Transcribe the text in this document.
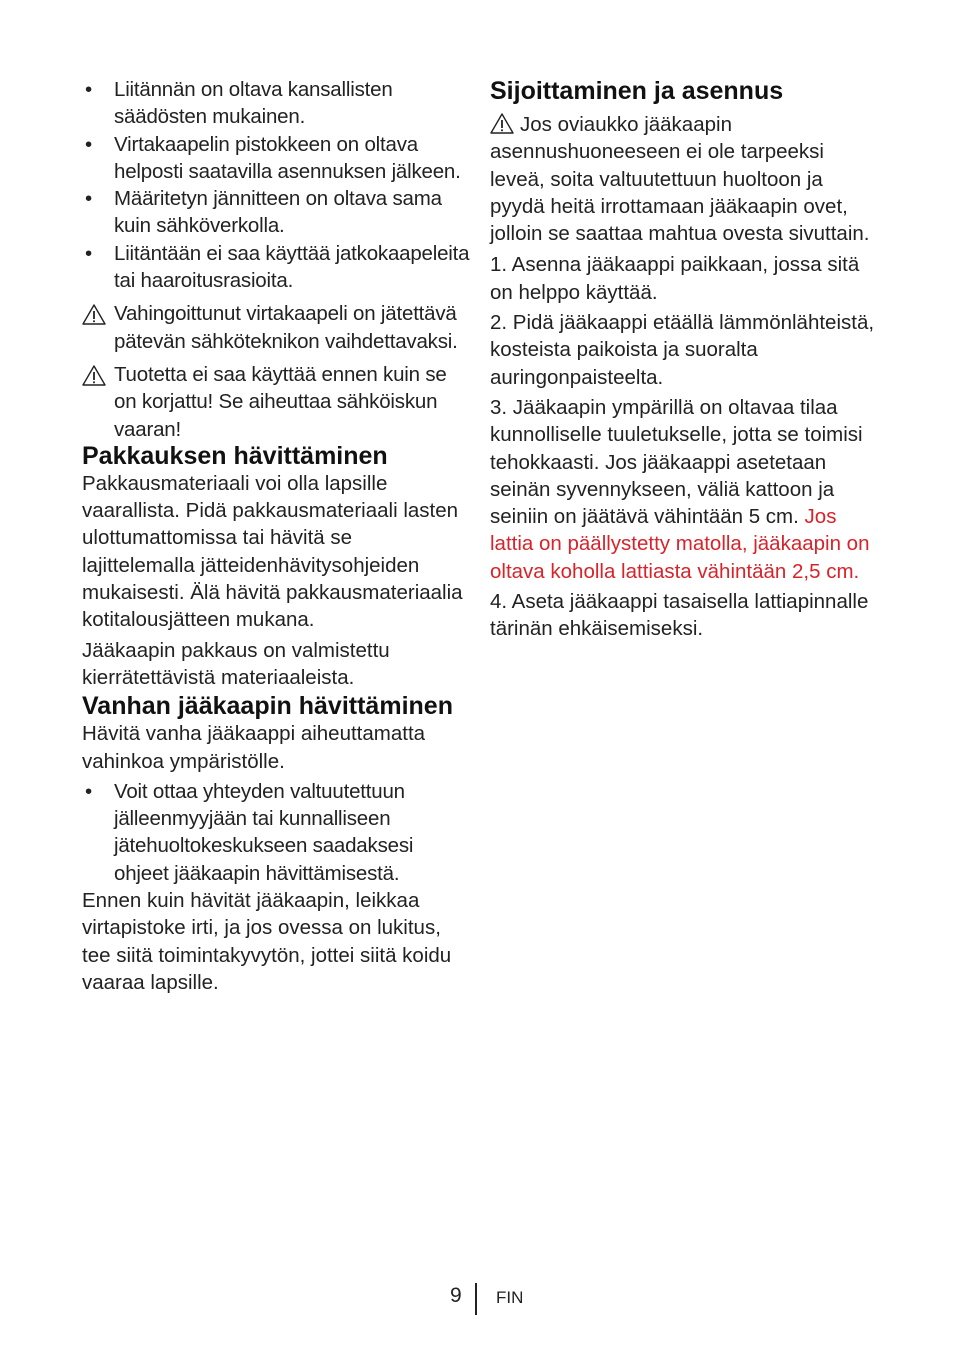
• Liitännän on oltava kansallisten säädösten mukainen.
• Virtakaapelin pistokkeen on oltava helposti saatavilla asennuksen jälkeen.
• Määritetyn jännitteen on oltava sama kuin sähköverkolla.
• Liitäntään ei saa käyttää jatkokaapeleita tai haaroitusrasioita.
Vahingoittunut virtakaapeli on jätettävä pätevän sähköteknikon vaihdettavaksi.
Tuotetta ei saa käyttää ennen kuin se on korjattu! Se aiheuttaa sähköiskun vaaran!
Pakkauksen hävittäminen

Pakkausmateriaali voi olla lapsille vaarallista. Pidä pakkausmateriaali lasten ulottumattomissa tai hävitä se lajittelemalla jätteidenhävitysohjeiden mukaisesti. Älä hävitä pakkausmateriaalia kotitalousjätteen mukana.

Jääkaapin pakkaus on valmistettu kierrätettävistä materiaaleista.

Vanhan jääkaapin hävittäminen

Hävitä vanha jääkaappi aiheuttamatta vahinkoa ympäristölle.

• Voit ottaa yhteyden valtuutettuun jälleenmyyjään tai kunnalliseen jätehuoltokeskukseen saadaksesi ohjeet jääkaapin hävittämisestä.

Ennen kuin hävität jääkaapin, leikkaa virtapistoke irti, ja jos ovessa on lukitus, tee siitä toimintakyvytön, jottei siitä koidu vaaraa lapsille.

Sijoittaminen ja asennus

Jos oviaukko jääkaapin asennushuoneeseen ei ole tarpeeksi leveä, soita valtuutettuun huoltoon ja pyydä heitä irrottamaan jääkaapin ovet, jolloin se saattaa mahtua ovesta sivuttain.

1. Asenna jääkaappi paikkaan, jossa sitä on helppo käyttää.

2. Pidä jääkaappi etäällä lämmönlähteistä, kosteista paikoista ja suoralta auringonpaisteelta.

3. Jääkaapin ympärillä on oltavaa tilaa kunnolliselle tuuletukselle, jotta se toimisi tehokkaasti. Jos jääkaappi asetetaan seinän syvennykseen, väliä kattoon ja seiniin on jäätävä vähintään 5 cm. Jos lattia on päällystetty matolla, jääkaapin on oltava koholla lattiasta vähintään 2,5 cm.

4. Aseta jääkaappi tasaisella lattiapinnalle tärinän ehkäisemiseksi.

9 FIN
